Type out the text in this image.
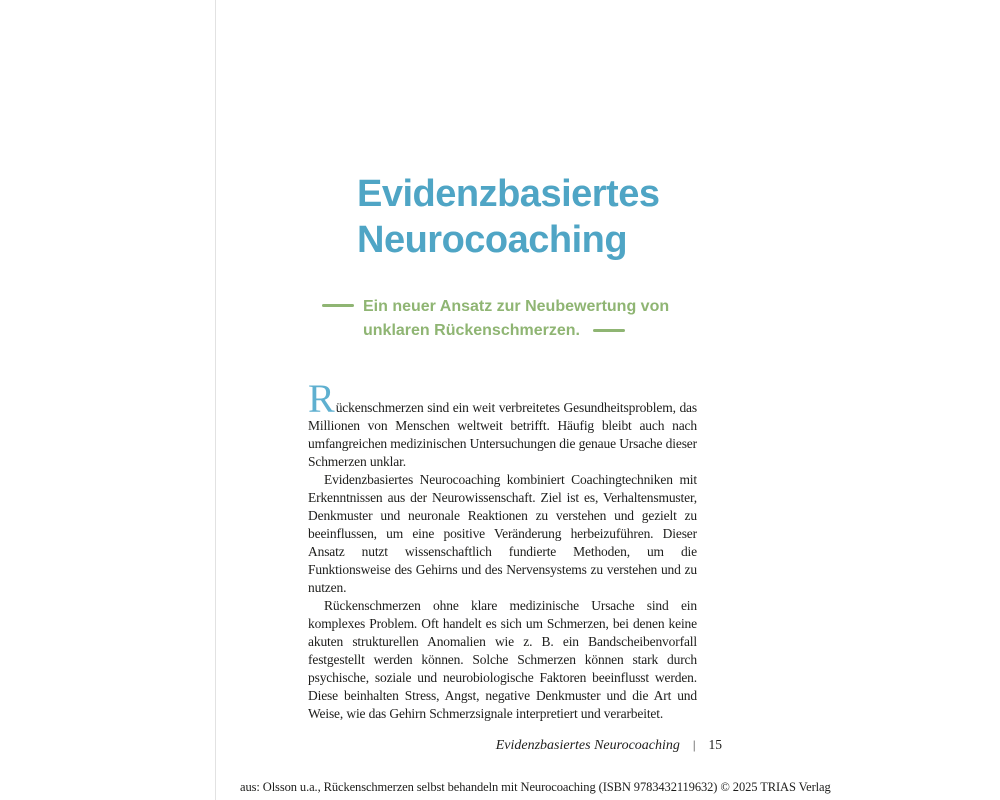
Evidenzbasiertes
Neurocoaching
Ein neuer Ansatz zur Neubewertung von
unklaren Rückenschmerzen.

Rückenschmerzen sind ein weit verbreitetes Gesundheitsproblem, das Millionen von Menschen weltweit betrifft. Häufig bleibt auch nach umfangreichen medizinischen Untersuchungen die genaue Ursache dieser Schmerzen unklar.

Evidenzbasiertes Neurocoaching kombiniert Coachingtechniken mit Erkenntnissen aus der Neurowissenschaft. Ziel ist es, Verhaltensmuster, Denkmuster und neuronale Reaktionen zu verstehen und gezielt zu beeinflussen, um eine positive Veränderung herbeizuführen. Dieser Ansatz nutzt wissenschaftlich fundierte Methoden, um die Funktionsweise des Gehirns und des Nervensystems zu verstehen und zu nutzen.

Rückenschmerzen ohne klare medizinische Ursache sind ein komplexes Problem. Oft handelt es sich um Schmerzen, bei denen keine akuten strukturellen Anomalien wie z. B. ein Bandscheibenvorfall festgestellt werden können. Solche Schmerzen können stark durch psychische, soziale und neurobiologische Faktoren beeinflusst werden. Diese beinhalten Stress, Angst, negative Denkmuster und die Art und Weise, wie das Gehirn Schmerzsignale interpretiert und verarbeitet.

Evidenzbasiertes Neurocoaching | 15
aus: Olsson u.a., Rückenschmerzen selbst behandeln mit Neurocoaching (ISBN 9783432119632) © 2025 TRIAS Verlag
